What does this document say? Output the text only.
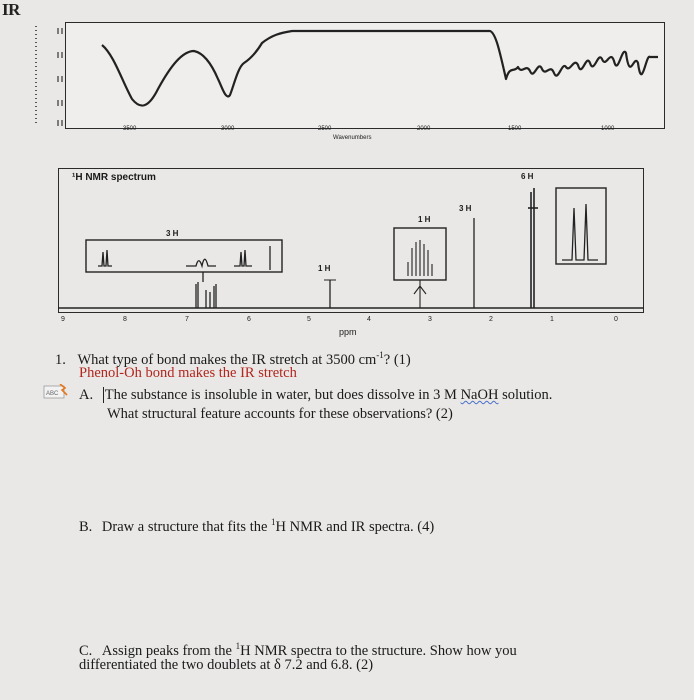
IR
3500	3000	2500	2000	1500	1000
Wavenumbers
¹H NMR spectrum
9	8	7	6	5	4	3	2	1	0
3 H
1 H
1 H
3 H
6 H
ppm
1. What type of bond makes the IR stretch at 3500 $cm^{-1}$? (1)
Phenol-Oh bond makes the IR stretch
ABC A. The substance is insoluble in water, but does dissolve in 3 M NaOH solution.
What structural feature accounts for these observations? (2)
B. Draw a structure that fits the $^1$H NMR and IR spectra. (4)
C. Assign peaks from the $^1$H NMR spectra to the structure. Show how you
differentiated the two doublets at δ 7.2 and 6.8. (2)
